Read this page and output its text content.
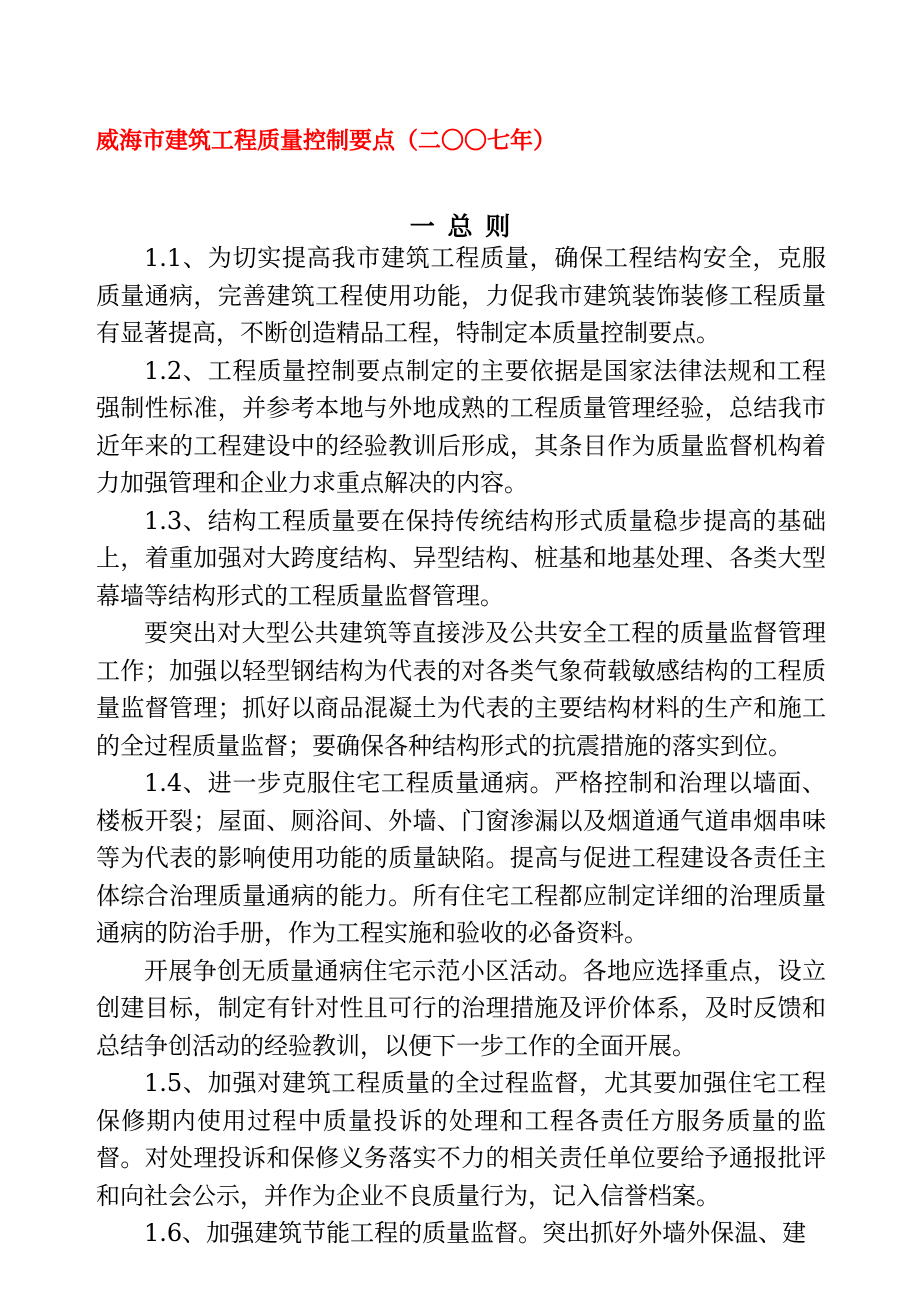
威海市建筑工程质量控制要点（二〇〇七年）
一 总 则

1.1、为切实提高我市建筑工程质量，确保工程结构安全，克服质量通病，完善建筑工程使用功能，力促我市建筑装饰装修工程质量有显著提高，不断创造精品工程，特制定本质量控制要点。

1.2、工程质量控制要点制定的主要依据是国家法律法规和工程强制性标准，并参考本地与外地成熟的工程质量管理经验，总结我市近年来的工程建设中的经验教训后形成，其条目作为质量监督机构着力加强管理和企业力求重点解决的内容。

1.3、结构工程质量要在保持传统结构形式质量稳步提高的基础上，着重加强对大跨度结构、异型结构、桩基和地基处理、各类大型幕墙等结构形式的工程质量监督管理。

要突出对大型公共建筑等直接涉及公共安全工程的质量监督管理工作；加强以轻型钢结构为代表的对各类气象荷载敏感结构的工程质量监督管理；抓好以商品混凝土为代表的主要结构材料的生产和施工的全过程质量监督；要确保各种结构形式的抗震措施的落实到位。

1.4、进一步克服住宅工程质量通病。严格控制和治理以墙面、楼板开裂；屋面、厕浴间、外墙、门窗渗漏以及烟道通气道串烟串味等为代表的影响使用功能的质量缺陷。提高与促进工程建设各责任主体综合治理质量通病的能力。所有住宅工程都应制定详细的治理质量通病的防治手册，作为工程实施和验收的必备资料。

开展争创无质量通病住宅示范小区活动。各地应选择重点，设立创建目标，制定有针对性且可行的治理措施及评价体系，及时反馈和总结争创活动的经验教训，以便下一步工作的全面开展。

1.5、加强对建筑工程质量的全过程监督，尤其要加强住宅工程保修期内使用过程中质量投诉的处理和工程各责任方服务质量的监督。对处理投诉和保修义务落实不力的相关责任单位要给予通报批评和向社会公示，并作为企业不良质量行为，记入信誉档案。

1.6、加强建筑节能工程的质量监督。突出抓好外墙外保温、建
